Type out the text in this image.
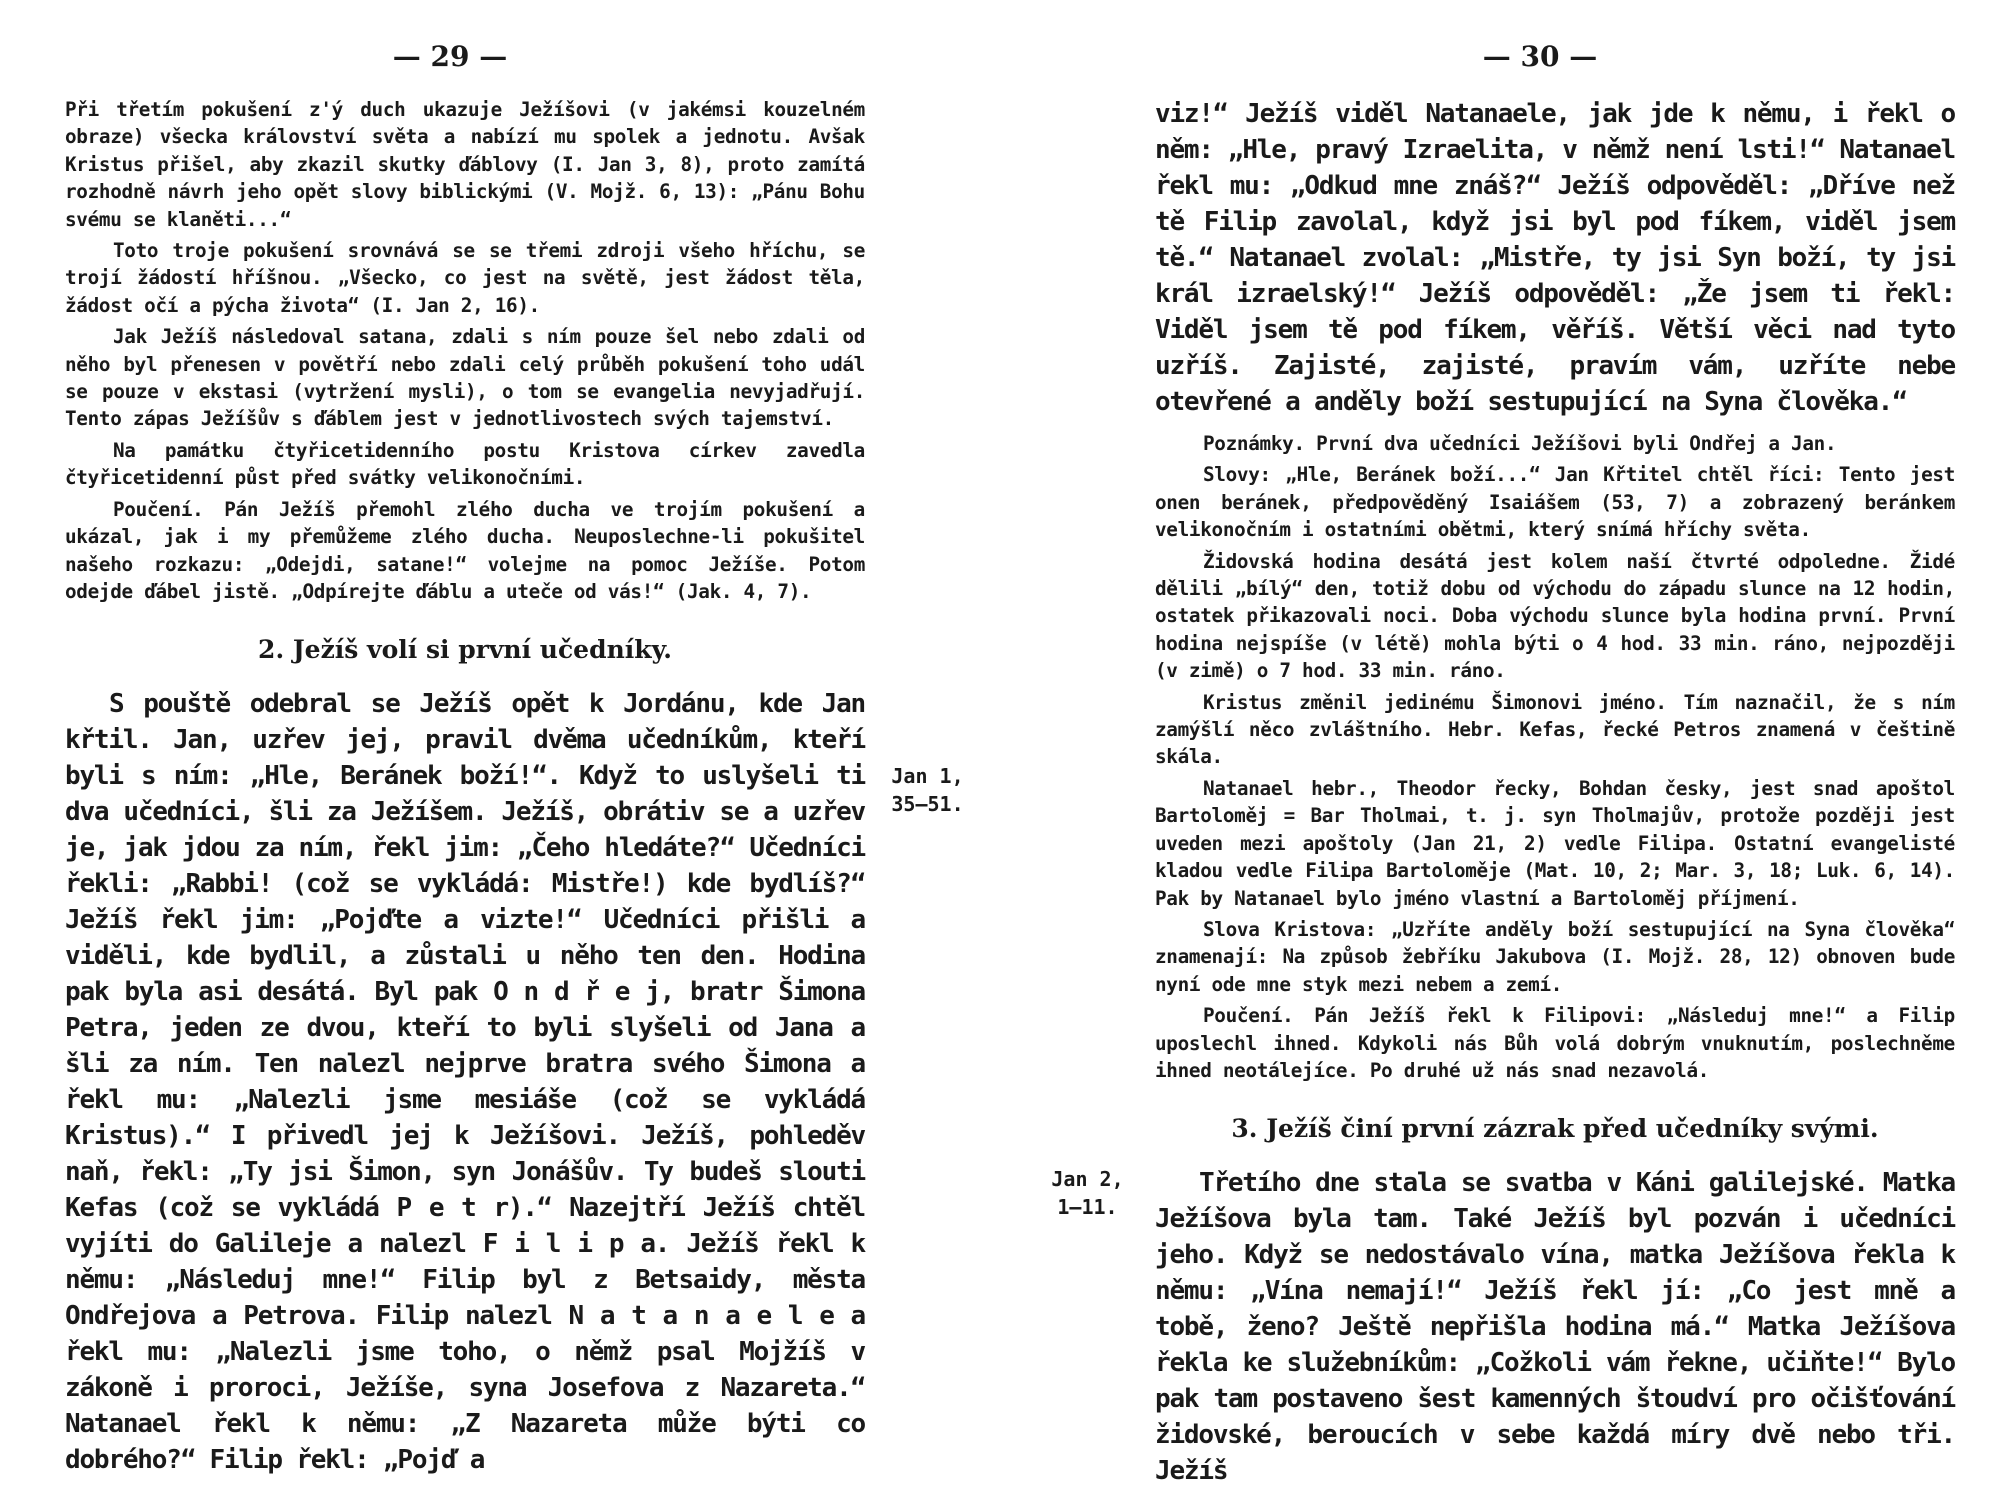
— 29 —

Při třetím pokušení z'ý duch ukazuje Ježíšovi (v jakémsi kouzelném obraze) všecka království světa a nabízí mu spolek a jednotu. Avšak Kristus přišel, aby zkazil skutky ďáblovy (I. Jan 3, 8), proto zamítá rozhodně návrh jeho opět slovy biblickými (V. Mojž. 6, 13): „Pánu Bohu svému se klaněti...“

Toto troje pokušení srovnává se se třemi zdroji všeho hříchu, se trojí žádostí hříšnou. „Všecko, co jest na světě, jest žádost těla, žádost očí a pýcha života“ (I. Jan 2, 16).

Jak Ježíš následoval satana, zdali s ním pouze šel nebo zdali od něho byl přenesen v povětří nebo zdali celý průběh pokušení toho udál se pouze v ekstasi (vytržení mysli), o tom se evangelia nevyjadřují. Tento zápas Ježíšův s ďáblem jest v jednotlivostech svých tajemství.

Na památku čtyřicetidenního postu Kristova církev zavedla čtyřicetidenní půst před svátky velikonočními.

Poučení. Pán Ježíš přemohl zlého ducha ve trojím pokušení a ukázal, jak i my přemůžeme zlého ducha. Neuposlechne-li pokušitel našeho rozkazu: „Odejdi, satane!“ volejme na pomoc Ježíše. Potom odejde ďábel jistě. „Odpírejte ďáblu a uteče od vás!“ (Jak. 4, 7).

2. Ježíš volí si první učedníky.

S pouště odebral se Ježíš opět k Jordánu, kde Jan křtil. Jan, uzřev jej, pravil dvěma učedníkům, kteří byli s ním: „Hle, Beránek boží!“. Když to uslyšeli ti dva učedníci, šli za Ježíšem. Ježíš, obrátiv se a uzřev je, jak jdou za ním, řekl jim: „Čeho hledáte?“ Učedníci řekli: „Rabbi! (což se vykládá: Mistře!) kde bydlíš?“ Ježíš řekl jim: „Pojďte a vizte!“ Učedníci přišli a viděli, kde bydlil, a zůstali u něho ten den. Hodina pak byla asi desátá. Byl pak O n d ř e j, bratr Šimona Petra, jeden ze dvou, kteří to byli slyšeli od Jana a šli za ním. Ten nalezl nejprve bratra svého Šimona a řekl mu: „Nalezli jsme mesiáše (což se vykládá Kristus).“ I přivedl jej k Ježíšovi. Ježíš, pohleděv naň, řekl: „Ty jsi Šimon, syn Jonášův. Ty budeš slouti Kefas (což se vykládá P e t r).“ Nazejtří Ježíš chtěl vyjíti do Galileje a nalezl F i l i p a. Ježíš řekl k němu: „Následuj mne!“ Filip byl z Betsaidy, města Ondřejova a Petrova. Filip nalezl N a t a n a e l e a řekl mu: „Nalezli jsme toho, o němž psal Mojžíš v zákoně i proroci, Ježíše, syna Josefova z Nazareta.“ Natanael řekl k němu: „Z Nazareta může býti co dobrého?“ Filip řekl: „Pojď a

Jan 1,
35—51.
— 30 —

viz!“ Ježíš viděl Natanaele, jak jde k němu, i řekl o něm: „Hle, pravý Izraelita, v němž není lsti!“ Natanael řekl mu: „Odkud mne znáš?“ Ježíš odpověděl: „Dříve než tě Filip zavolal, když jsi byl pod fíkem, viděl jsem tě.“ Natanael zvolal: „Mistře, ty jsi Syn boží, ty jsi král izraelský!“ Ježíš odpověděl: „Že jsem ti řekl: Viděl jsem tě pod fíkem, věříš. Větší věci nad tyto uzříš. Zajisté, zajisté, pravím vám, uzříte nebe otevřené a anděly boží sestupující na Syna člověka.“

Poznámky. První dva učedníci Ježíšovi byli Ondřej a Jan.

Slovy: „Hle, Beránek boží...“ Jan Křtitel chtěl říci: Tento jest onen beránek, předpověděný Isaiášem (53, 7) a zobrazený beránkem velikonočním i ostatními obětmi, který snímá hříchy světa.

Židovská hodina desátá jest kolem naší čtvrté odpoledne. Židé dělili „bílý“ den, totiž dobu od východu do západu slunce na 12 hodin, ostatek přikazovali noci. Doba východu slunce byla hodina první. První hodina nejspíše (v létě) mohla býti o 4 hod. 33 min. ráno, nejpozději (v zimě) o 7 hod. 33 min. ráno.

Kristus změnil jedinému Šimonovi jméno. Tím naznačil, že s ním zamýšlí něco zvláštního. Hebr. Kefas, řecké Petros znamená v češtině skála.

Natanael hebr., Theodor řecky, Bohdan česky, jest snad apoštol Bartoloměj = Bar Tholmai, t. j. syn Tholmajův, protože později jest uveden mezi apoštoly (Jan 21, 2) vedle Filipa. Ostatní evangelisté kladou vedle Filipa Bartoloměje (Mat. 10, 2; Mar. 3, 18; Luk. 6, 14). Pak by Natanael bylo jméno vlastní a Bartoloměj příjmení.

Slova Kristova: „Uzříte anděly boží sestupující na Syna člověka“ znamenají: Na způsob žebříku Jakubova (I. Mojž. 28, 12) obnoven bude nyní ode mne styk mezi nebem a zemí.

Poučení. Pán Ježíš řekl k Filipovi: „Následuj mne!“ a Filip uposlechl ihned. Kdykoli nás Bůh volá dobrým vnuknutím, poslechněme ihned neotálejíce. Po druhé už nás snad nezavolá.

3. Ježíš činí první zázrak před učedníky svými.

Třetího dne stala se svatba v Káni galilejské. Matka Ježíšova byla tam. Také Ježíš byl pozván i učedníci jeho. Když se nedostávalo vína, matka Ježíšova řekla k němu: „Vína nemají!“ Ježíš řekl jí: „Co jest mně a tobě, ženo? Ještě nepřišla hodina má.“ Matka Ježíšova řekla ke služebníkům: „Cožkoli vám řekne, učiňte!“ Bylo pak tam postaveno šest kamenných štoudví pro očišťování židovské, beroucích v sebe každá míry dvě nebo tři. Ježíš

Jan 2,
1—11.
